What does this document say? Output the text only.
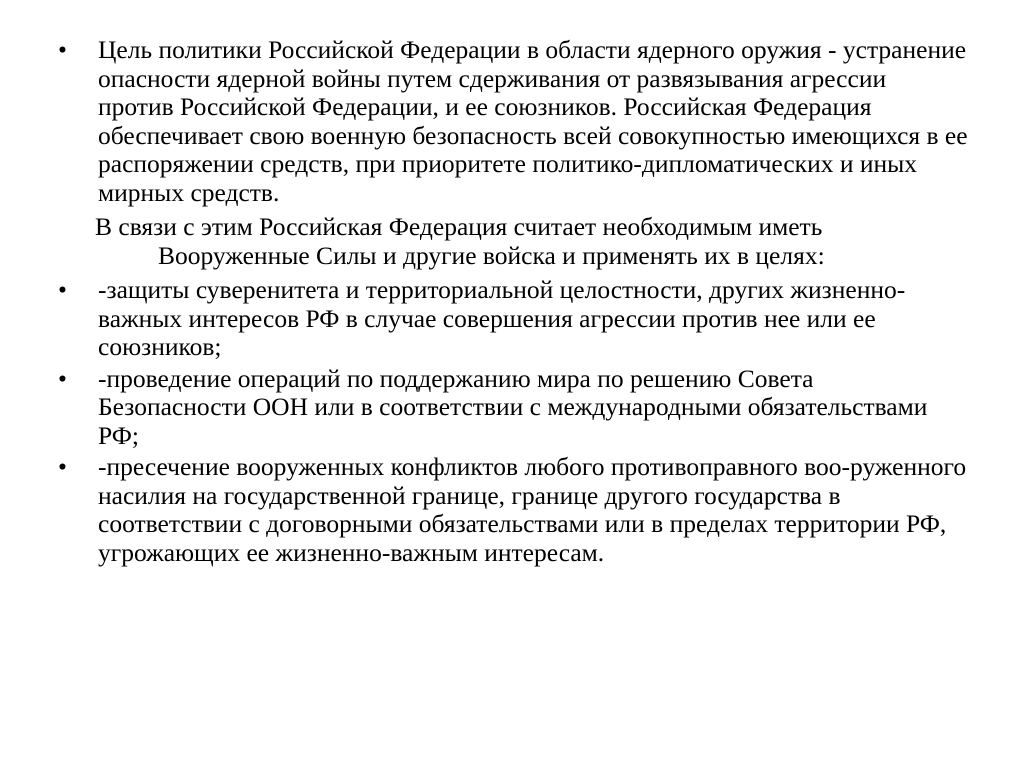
•	Цель политики Российской Федерации в области ядерного оружия - устранение опасности ядерной войны путем сдерживания от развязывания агрессии против Российской Федерации, и ее союзников. Российская Федерация обеспечивает свою военную безопасность всей совокупностью имеющихся в ее распоряжении средств, при приоритете политико-дипломатических и иных мирных средств.
В связи с этим Российская Федерация считает необходимым иметь Вооруженные Силы и другие войска и применять их в целях:
•	-защиты суверенитета и территориальной целостности, других жизненно-важных интересов РФ в случае совершения агрессии против нее или ее союзников;
•	-проведение операций по поддержанию мира по решению Совета Безопасности ООН или в соответствии с международными обязательствами РФ;
•	-пресечение вооруженных конфликтов любого противоправного воо-руженного насилия на государственной границе, границе другого государства в соответствии с договорными обязательствами или в пределах территории РФ, угрожающих ее жизненно-важным интересам.
